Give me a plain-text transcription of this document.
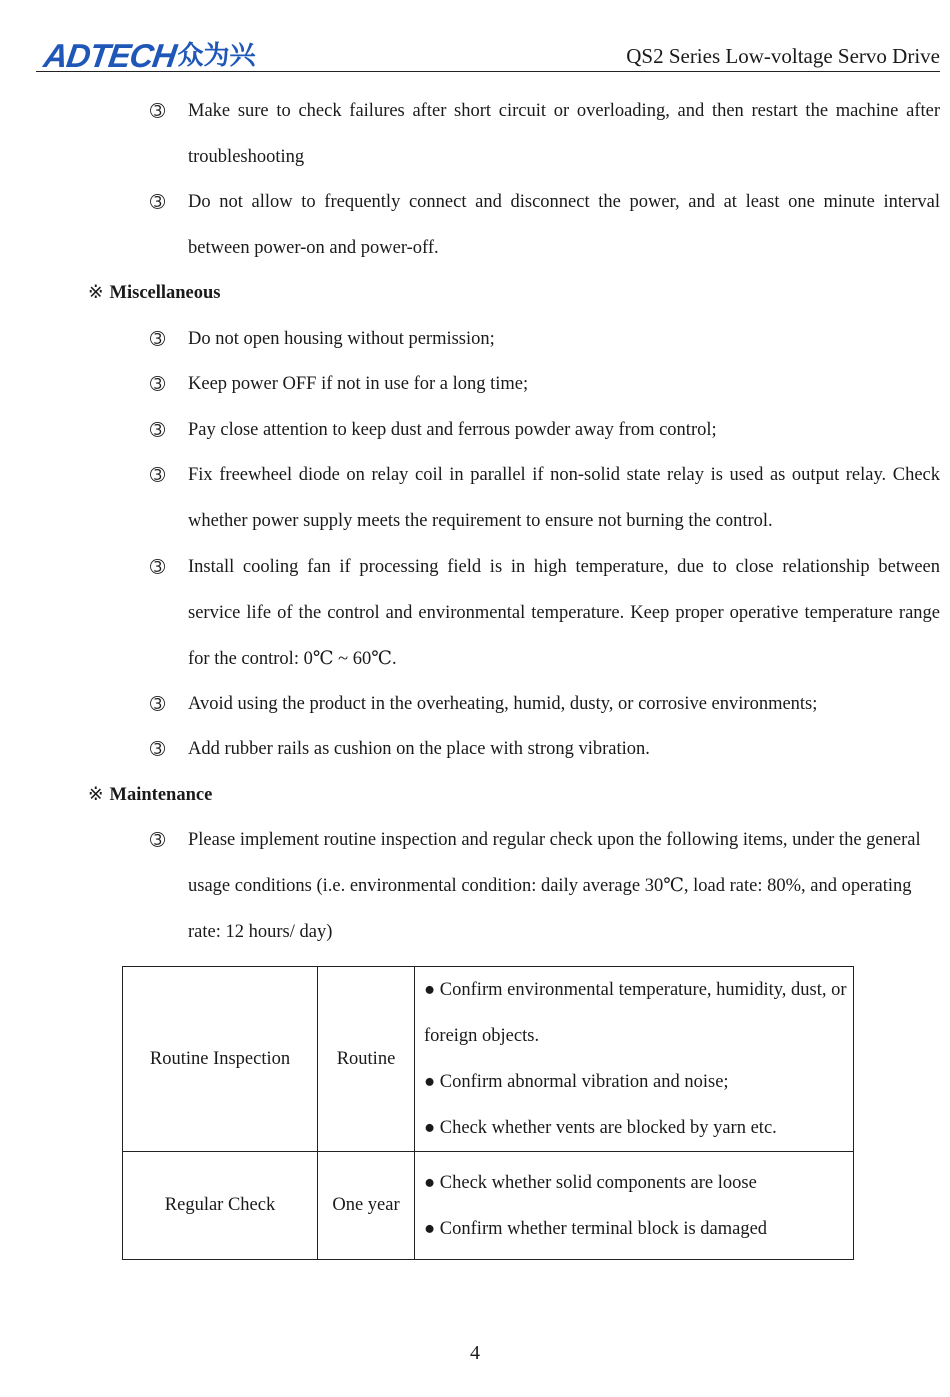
ADTECH 众为兴	QS2 Series Low-voltage Servo Drive
➂	Make sure to check failures after short circuit or overloading, and then restart the machine after troubleshooting
➂	Do not allow to frequently connect and disconnect the power, and at least one minute interval between power-on and power-off.
※ Miscellaneous
➂	Do not open housing without permission;
➂	Keep power OFF if not in use for a long time;
➂	Pay close attention to keep dust and ferrous powder away from control;
➂	Fix freewheel diode on relay coil in parallel if non-solid state relay is used as output relay. Check whether power supply meets the requirement to ensure not burning the control.
➂	Install cooling fan if processing field is in high temperature, due to close relationship between service life of the control and environmental temperature. Keep proper operative temperature range for the control: 0℃ ~ 60℃.
➂	Avoid using the product in the overheating, humid, dusty, or corrosive environments;
➂	Add rubber rails as cushion on the place with strong vibration.
※ Maintenance
➂	Please implement routine inspection and regular check upon the following items, under the general usage conditions (i.e. environmental condition: daily average 30℃, load rate: 80%, and operating rate: 12 hours/ day)
Routine Inspection	Routine	● Confirm environmental temperature, humidity, dust, or foreign objects.
● Confirm abnormal vibration and noise;
● Check whether vents are blocked by yarn etc.

Regular Check	One year	● Check whether solid components are loose
● Confirm whether terminal block is damaged
4
